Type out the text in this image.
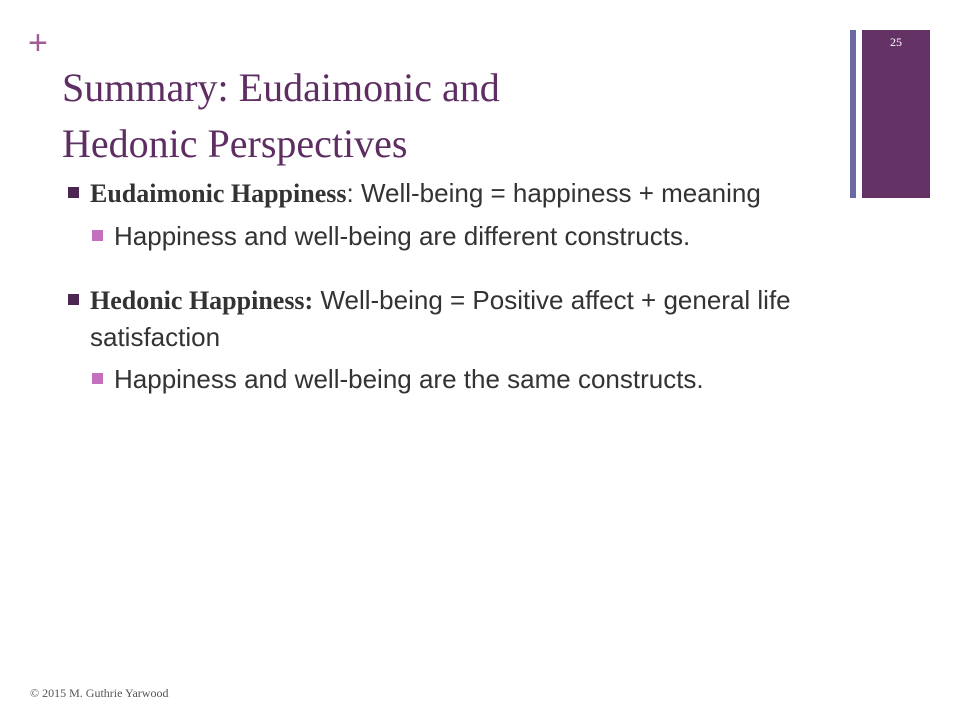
+
Summary: Eudaimonic and
Hedonic Perspectives
25
Eudaimonic Happiness: Well-being = happiness + meaning
Happiness and well-being are different constructs.
Hedonic Happiness: Well-being = Positive affect + general life satisfaction
Happiness and well-being are the same constructs.
© 2015 M. Guthrie Yarwood
